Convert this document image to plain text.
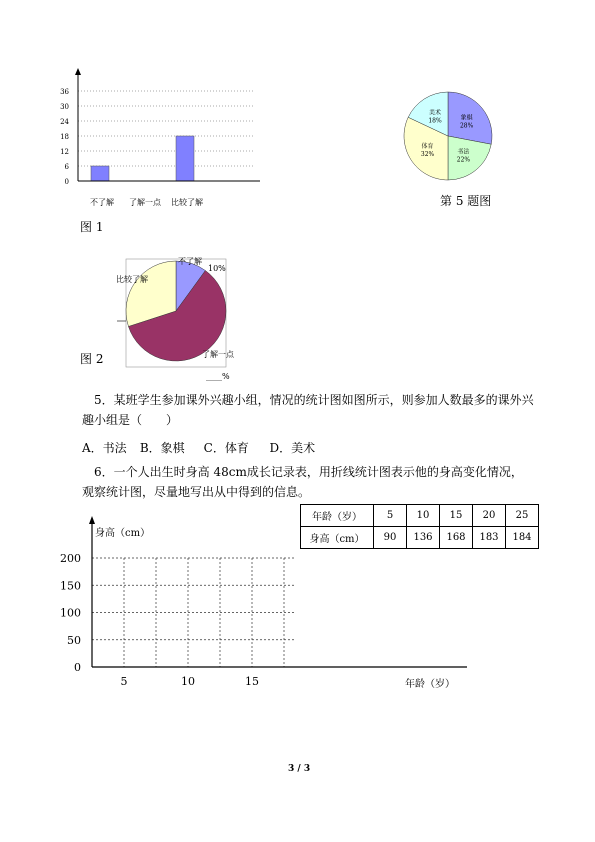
0
6
12
18
24
30
36
不了解 了解一点 比较了解
图 1
象棋
28%
书法
22%
体育
32%
美术
18%
第 5 题图
不了解
10%
比较了解
了解一点
____%
图 2
5．某班学生参加课外兴趣小组，情况的统计图如图所示，则参加人数最多的课外兴趣小组是（　　）
A．书法 B．象棋 C．体育 D．美术
6．一个人出生时身高 48cm成长记录表，用折线统计图表示他的身高变化情况，观察统计图，尽量地写出从中得到的信息。
年龄（岁）	5	10	15	20	25
身高（cm）	90	136	168	183	184
身高（cm）
0
50
100
150
200
5	10	15	年龄（岁）
3 / 3
